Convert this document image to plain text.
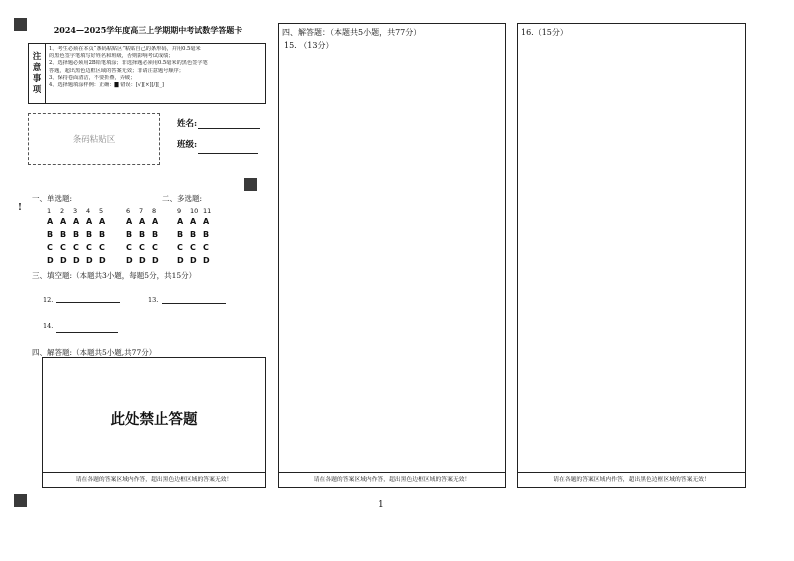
2024—2025学年度高三上学期期中考试数学答题卡
注
意
事
项
1、考生必须在本页“条码粘贴区”粘贴自己的条形码，并用0.5毫米
的黑色签字笔填写好姓名和班级，否则影响考试成绩；
2、选择题必须用2B铅笔填涂；非选择题必须用0.5毫米的黑色签字笔
答题，超出黑色边框区域的答案无效；非请注意题号顺序；
3、保持卷面清洁，不要折叠，弄破；
4、选择题填涂样例：正确：█ 错误：[√][×][/][_]
条码粘贴区
姓名:
班级:
!
一、单选题:	二、多选题:
1	2	3	4	5
A A A A A
B B B B B
C C C C C
D D D D D
6	7	8
A A A
B B B
C C C
D D D
9	10 11
A A A
B B B
C C C
D D D
三、填空题:（本题共3小题，每题5分，共15分）
12.	13.
14.
四、解答题:（本题共5小题,共77分）
此处禁止答题
请在各题的答案区域内作答，超出黑色边框区域的答案无效！
四、解答题：（本题共5小题，共77分）
15. （13分）
请在各题的答案区域内作答，超出黑色边框区域的答案无效！
16.（15分）
请在各题的答案区域内作答，超出黑色边框区域的答案无效！
1
